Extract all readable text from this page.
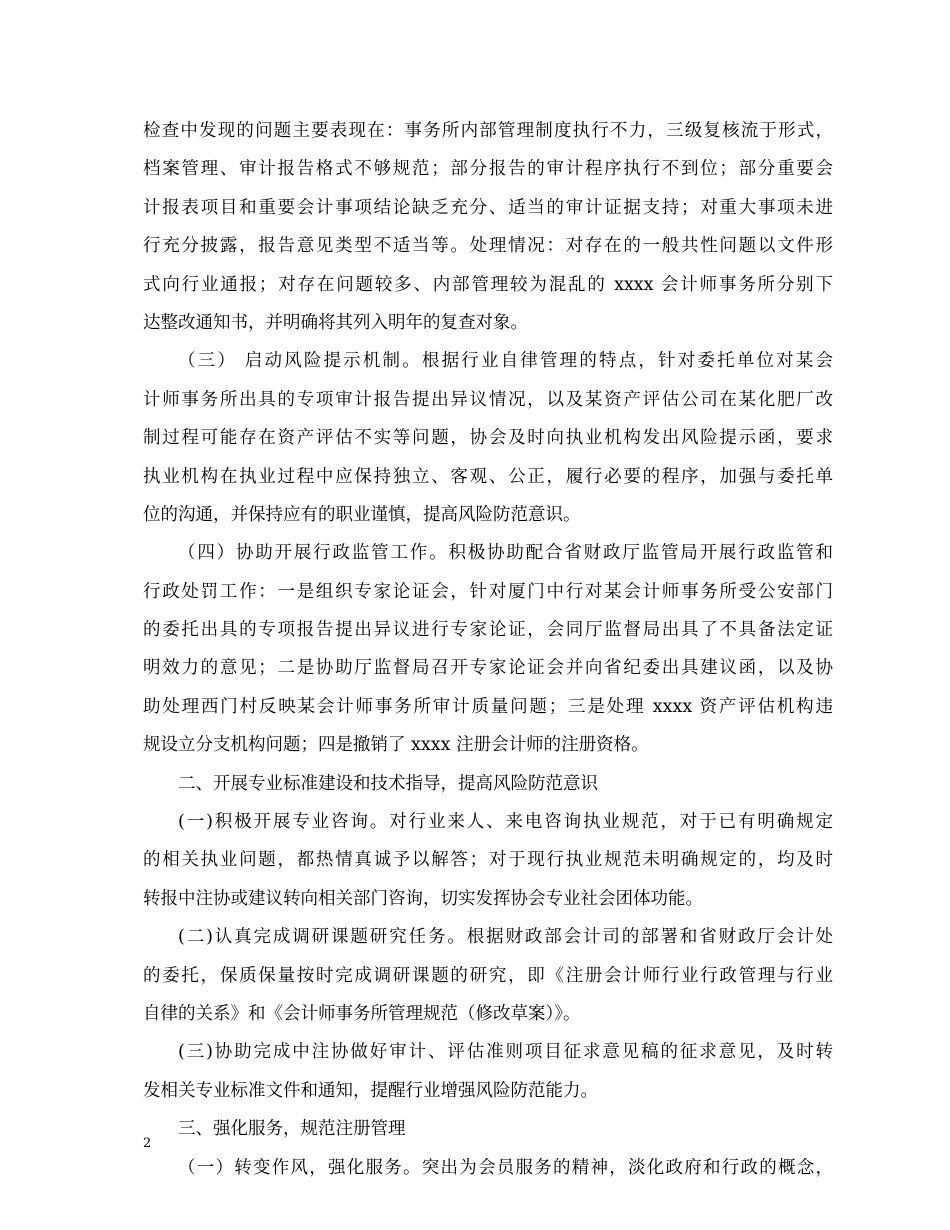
检查中发现的问题主要表现在：事务所内部管理制度执行不力，三级复核流于形式，
档案管理、审计报告格式不够规范；部分报告的审计程序执行不到位；部分重要会
计报表项目和重要会计事项结论缺乏充分、适当的审计证据支持；对重大事项未进
行充分披露，报告意见类型不适当等。处理情况：对存在的一般共性问题以文件形
式向行业通报；对存在问题较多、内部管理较为混乱的 xxxx 会计师事务所分别下
达整改通知书，并明确将其列入明年的复查对象。
（三） 启动风险提示机制。根据行业自律管理的特点，针对委托单位对某会
计师事务所出具的专项审计报告提出异议情况，以及某资产评估公司在某化肥厂改
制过程可能存在资产评估不实等问题，协会及时向执业机构发出风险提示函，要求
执业机构在执业过程中应保持独立、客观、公正，履行必要的程序，加强与委托单
位的沟通，并保持应有的职业谨慎，提高风险防范意识。
（四）协助开展行政监管工作。积极协助配合省财政厅监管局开展行政监管和
行政处罚工作：一是组织专家论证会，针对厦门中行对某会计师事务所受公安部门
的委托出具的专项报告提出异议进行专家论证，会同厅监督局出具了不具备法定证
明效力的意见；二是协助厅监督局召开专家论证会并向省纪委出具建议函，以及协
助处理西门村反映某会计师事务所审计质量问题；三是处理 xxxx 资产评估机构违
规设立分支机构问题；四是撤销了 xxxx 注册会计师的注册资格。
二、开展专业标准建设和技术指导，提高风险防范意识
(一)积极开展专业咨询。对行业来人、来电咨询执业规范，对于已有明确规定
的相关执业问题，都热情真诚予以解答；对于现行执业规范未明确规定的，均及时
转报中注协或建议转向相关部门咨询，切实发挥协会专业社会团体功能。
(二)认真完成调研课题研究任务。根据财政部会计司的部署和省财政厅会计处
的委托，保质保量按时完成调研课题的研究，即《注册会计师行业行政管理与行业
自律的关系》和《会计师事务所管理规范（修改草案）》。
(三)协助完成中注协做好审计、评估准则项目征求意见稿的征求意见，及时转
发相关专业标准文件和通知，提醒行业增强风险防范能力。
三、强化服务，规范注册管理
（一）转变作风，强化服务。突出为会员服务的精神，淡化政府和行政的概念，
2
